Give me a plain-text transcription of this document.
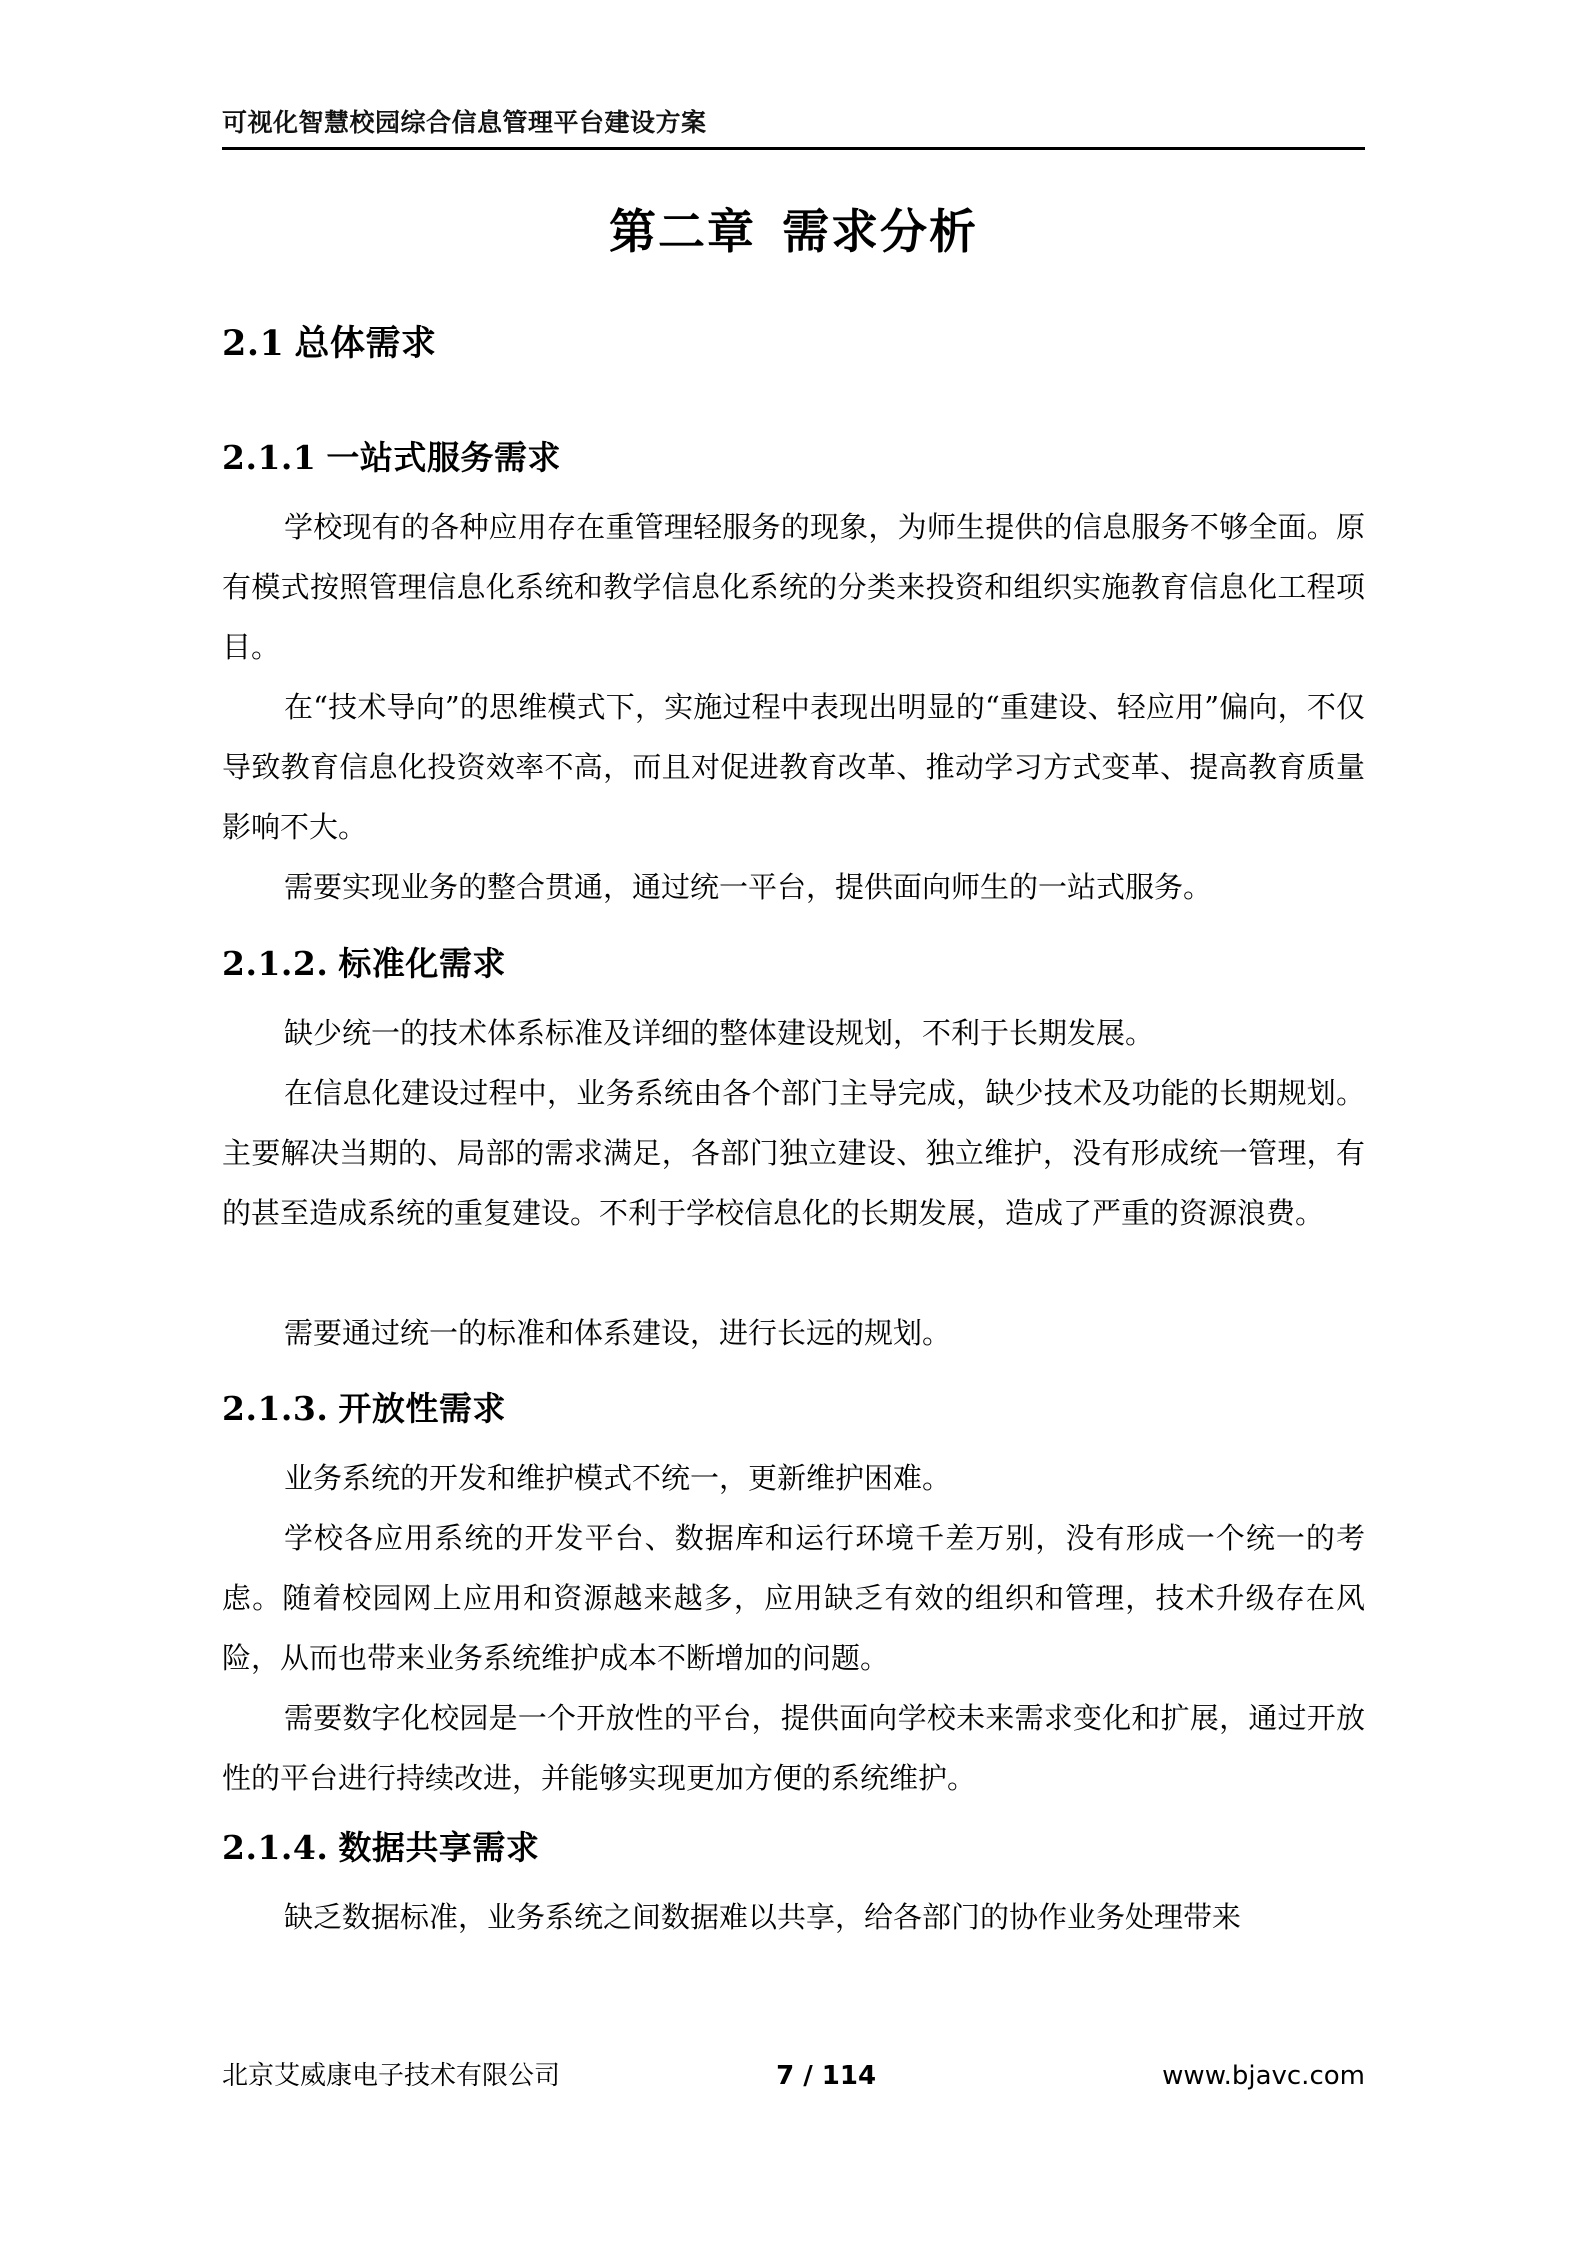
可视化智慧校园综合信息管理平台建设方案
第二章 需求分析
2.1 总体需求
2.1.1 一站式服务需求
学校现有的各种应用存在重管理轻服务的现象，为师生提供的信息服务不够全面。原有模式按照管理信息化系统和教学信息化系统的分类来投资和组织实施教育信息化工程项目。
在“技术导向”的思维模式下，实施过程中表现出明显的“重建设、轻应用”偏向，不仅导致教育信息化投资效率不高，而且对促进教育改革、推动学习方式变革、提高教育质量影响不大。
需要实现业务的整合贯通，通过统一平台，提供面向师生的一站式服务。
2.1.2. 标准化需求
缺少统一的技术体系标准及详细的整体建设规划，不利于长期发展。
在信息化建设过程中，业务系统由各个部门主导完成，缺少技术及功能的长期规划。主要解决当期的、局部的需求满足，各部门独立建设、独立维护，没有形成统一管理，有的甚至造成系统的重复建设。不利于学校信息化的长期发展，造成了严重的资源浪费。
需要通过统一的标准和体系建设，进行长远的规划。
2.1.3. 开放性需求
业务系统的开发和维护模式不统一，更新维护困难。
学校各应用系统的开发平台、数据库和运行环境千差万别，没有形成一个统一的考虑。随着校园网上应用和资源越来越多，应用缺乏有效的组织和管理，技术升级存在风险，从而也带来业务系统维护成本不断增加的问题。
需要数字化校园是一个开放性的平台，提供面向学校未来需求变化和扩展，通过开放性的平台进行持续改进，并能够实现更加方便的系统维护。
2.1.4. 数据共享需求
缺乏数据标准，业务系统之间数据难以共享，给各部门的协作业务处理带来
北京艾威康电子技术有限公司	7 / 114	www.bjavc.com
